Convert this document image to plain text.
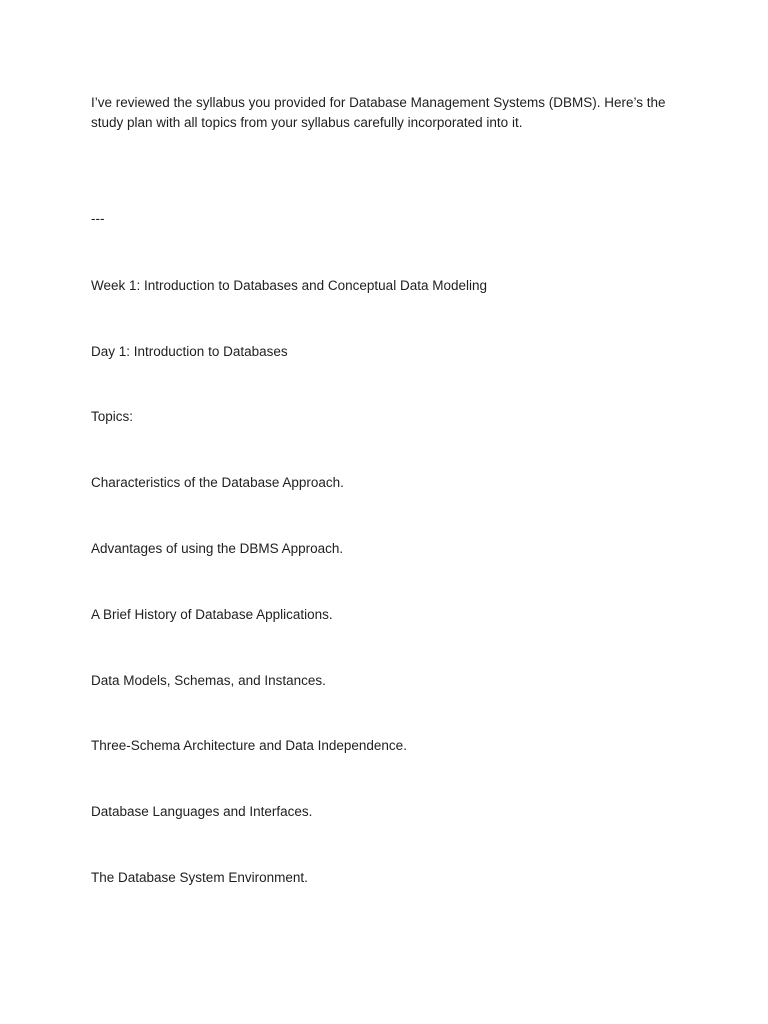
I’ve reviewed the syllabus you provided for Database Management Systems (DBMS). Here’s the
study plan with all topics from your syllabus carefully incorporated into it.

---

Week 1: Introduction to Databases and Conceptual Data Modeling

Day 1: Introduction to Databases

Topics:

Characteristics of the Database Approach.

Advantages of using the DBMS Approach.

A Brief History of Database Applications.

Data Models, Schemas, and Instances.

Three-Schema Architecture and Data Independence.

Database Languages and Interfaces.

The Database System Environment.
